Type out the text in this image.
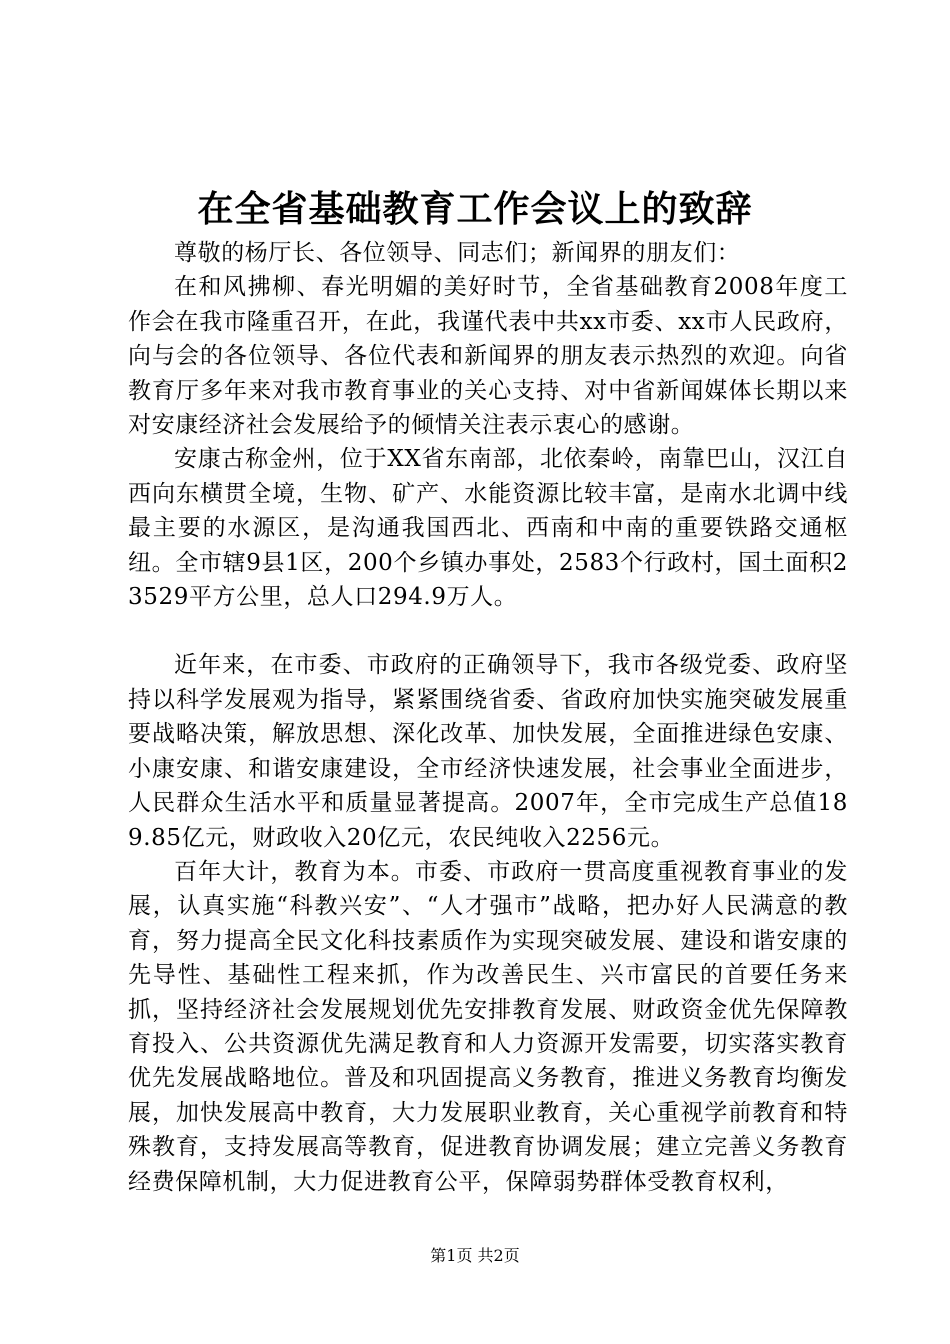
在全省基础教育工作会议上的致辞

尊敬的杨厅长、各位领导、同志们；新闻界的朋友们：

在和风拂柳、春光明媚的美好时节，全省基础教育2008年度工作会在我市隆重召开，在此，我谨代表中共xx市委、xx市人民政府，向与会的各位领导、各位代表和新闻界的朋友表示热烈的欢迎。向省教育厅多年来对我市教育事业的关心支持、对中省新闻媒体长期以来对安康经济社会发展给予的倾情关注表示衷心的感谢。

安康古称金州，位于XX省东南部，北依秦岭，南靠巴山，汉江自西向东横贯全境，生物、矿产、水能资源比较丰富，是南水北调中线最主要的水源区，是沟通我国西北、西南和中南的重要铁路交通枢纽。全市辖9县1区，200个乡镇办事处，2583个行政村，国土面积23529平方公里，总人口294.9万人。

近年来，在市委、市政府的正确领导下，我市各级党委、政府坚持以科学发展观为指导，紧紧围绕省委、省政府加快实施突破发展重要战略决策，解放思想、深化改革、加快发展，全面推进绿色安康、小康安康、和谐安康建设，全市经济快速发展，社会事业全面进步，人民群众生活水平和质量显著提高。2007年，全市完成生产总值189.85亿元，财政收入20亿元，农民纯收入2256元。

百年大计，教育为本。市委、市政府一贯高度重视教育事业的发展，认真实施“科教兴安”、“人才强市”战略，把办好人民满意的教育，努力提高全民文化科技素质作为实现突破发展、建设和谐安康的先导性、基础性工程来抓，作为改善民生、兴市富民的首要任务来抓，坚持经济社会发展规划优先安排教育发展、财政资金优先保障教育投入、公共资源优先满足教育和人力资源开发需要，切实落实教育优先发展战略地位。普及和巩固提高义务教育，推进义务教育均衡发展，加快发展高中教育，大力发展职业教育，关心重视学前教育和特殊教育，支持发展高等教育，促进教育协调发展；建立完善义务教育经费保障机制，大力促进教育公平，保障弱势群体受教育权利，

第1页 共2页
